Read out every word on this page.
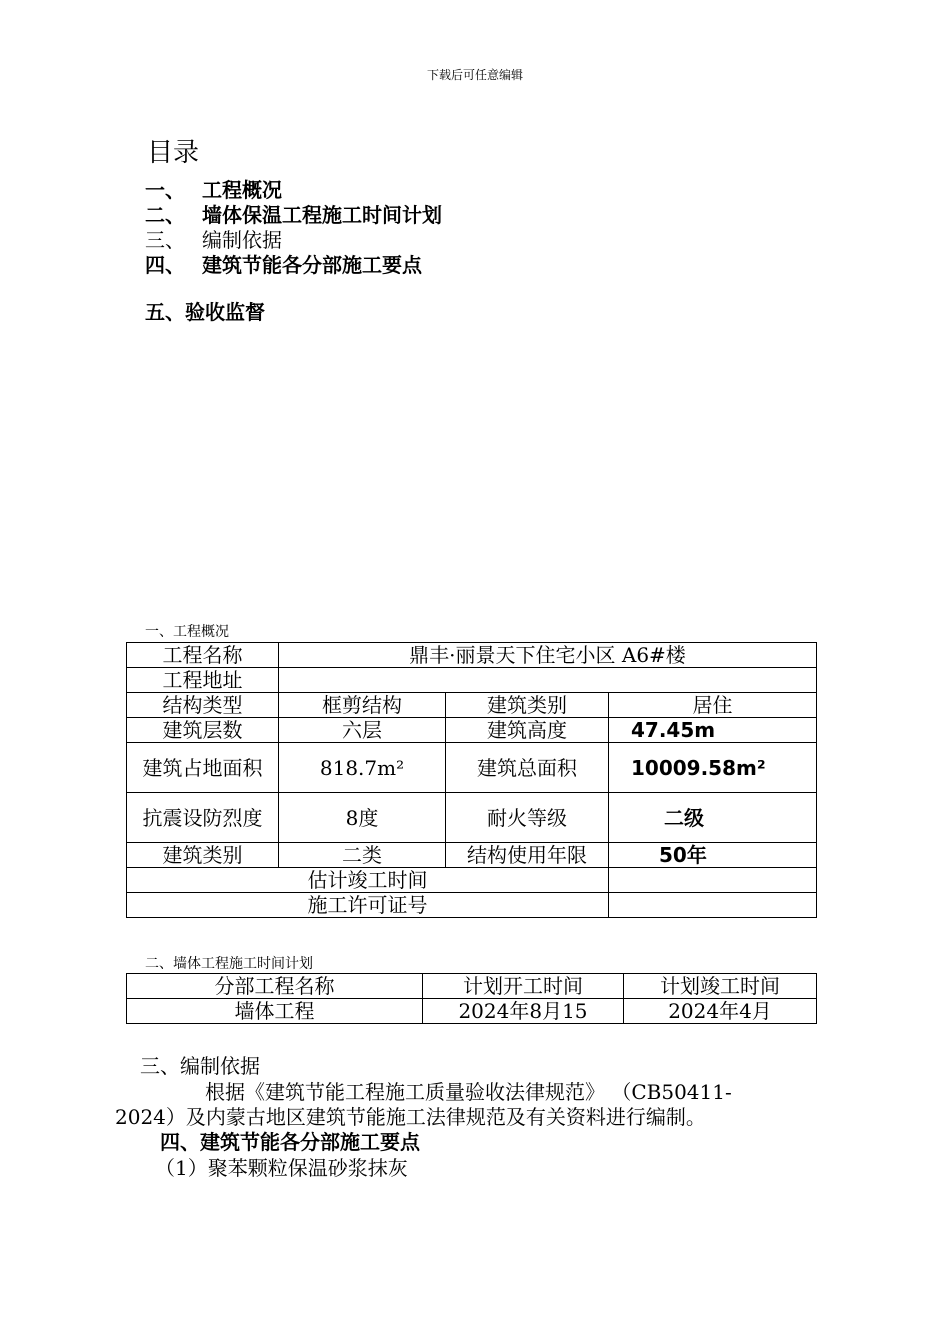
下载后可任意编辑
目录
一、 工程概况
二、 墙体保温工程施工时间计划
三、 编制依据
四、 建筑节能各分部施工要点
五、验收监督
一、工程概况
工程名称	鼎丰·丽景天下住宅小区 A6#楼		
工程地址			
结构类型	框剪结构	建筑类别	居住
建筑层数	六层	建筑高度	47.45m

建筑占地面积	818.7m²	建筑总面积	10009.58m²

抗震设防烈度	8度	耐火等级	二级
建筑类别	二类	结构使用年限	50年
估计竣工时间			
施工许可证号			
二、墙体工程施工时间计划
分部工程名称	计划开工时间	计划竣工时间
墙体工程	2024年8月15	2024年4月
三、编制依据
根据《建筑节能工程施工质量验收法律规范》 （CB50411-
2024）及内蒙古地区建筑节能施工法律规范及有关资料进行编制。
四、建筑节能各分部施工要点
（1）聚苯颗粒保温砂浆抹灰
